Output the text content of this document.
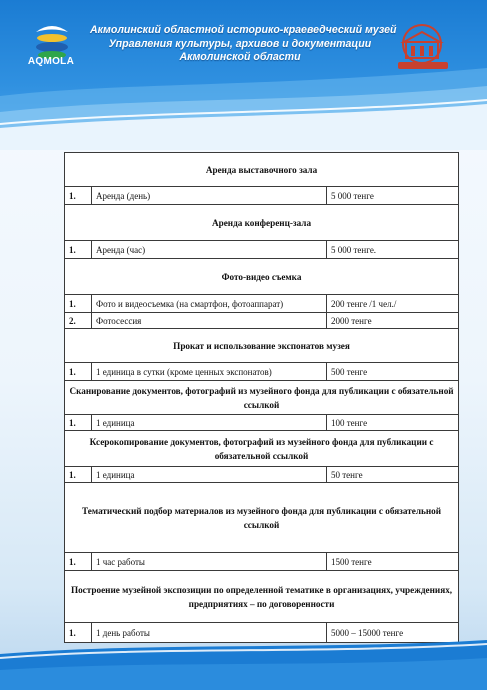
AQMOLA
Акмолинский областной историко-краеведческий музей
Управления культуры, архивов и документации
Акмолинской области
Аренда выставочного зала		
1.	Аренда (день)	5 000 тенге
Аренда конференц-зала		
1.	Аренда (час)	5 000 тенге.
Фото-видео съемка		
1.	Фото и видеосъемка (на смартфон, фотоаппарат)	200 тенге /1 чел./
2.	Фотосессия	2000 тенге
Прокат и использование экспонатов музея		
1.	1 единица в сутки (кроме ценных экспонатов)	500 тенге
Сканирование документов, фотографий из музейного фонда для публикации с обязательной ссылкой		
1.	1 единица	100 тенге
Ксерокопирование документов, фотографий из музейного фонда для публикации с обязательной ссылкой		
1.	1 единица	50 тенге
Тематический подбор материалов из музейного фонда для публикации с обязательной ссылкой		
1.	1 час работы	1500 тенге
Построение музейной экспозиции по определенной тематике в организациях, учреждениях, предприятиях – по договоренности		
1.	1 день работы	5000 – 15000 тенге
